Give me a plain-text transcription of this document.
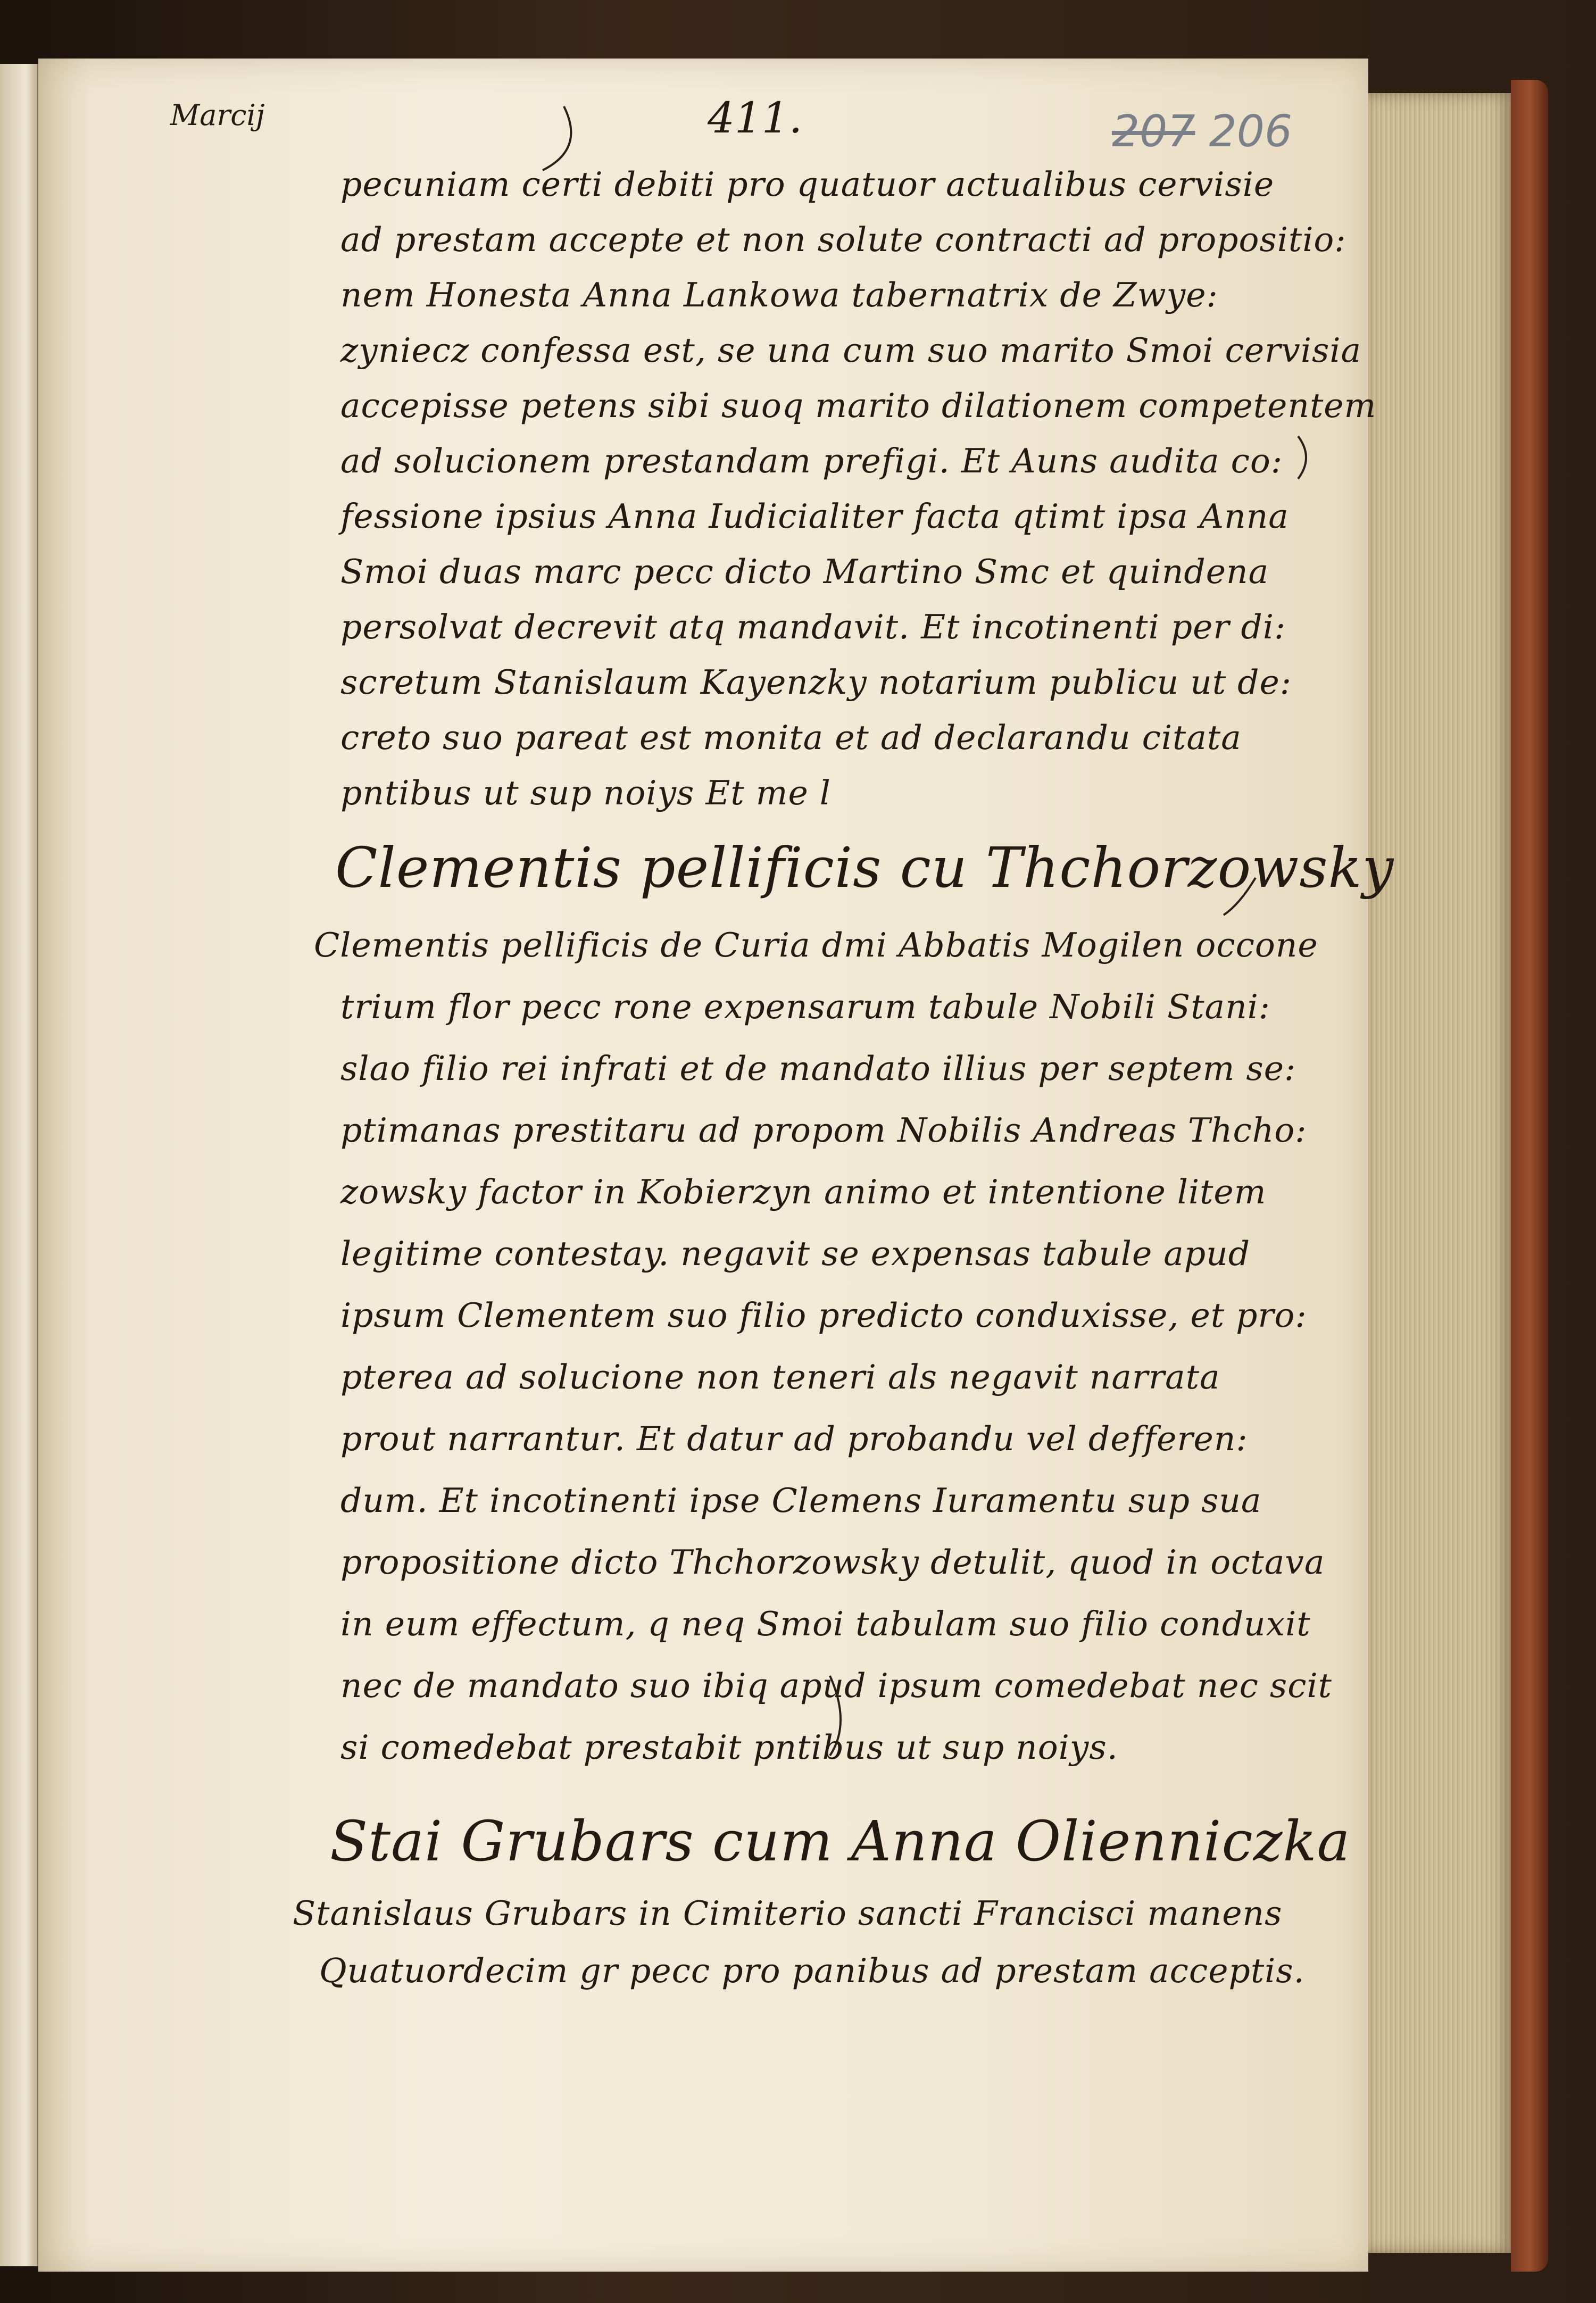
Marcij	411.	207 206
pecuniam certi debiti pro quatuor actualibus cervisie
ad prestam accepte et non solute contracti ad propositio:
nem Honesta Anna Lankowa tabernatrix de Zwye:
zyniecz confessa est, se una cum suo marito Smoi cervisia
accepisse petens sibi suoq marito dilationem competentem
ad solucionem prestandam prefigi. Et Auns audita co:
fessione ipsius Anna Iudicialiter facta qtimt ipsa Anna
Smoi duas marc pecc dicto Martino Smc et quindena
persolvat decrevit atq mandavit. Et incotinenti per di:
scretum Stanislaum Kayenzky notarium publicu ut de:
creto suo pareat est monita et ad declarandu citata
pntibus ut sup noiys Et me l
Clementis pellificis cu Thchorzowsky
Clementis pellificis de Curia dmi Abbatis Mogilen occone
trium flor pecc rone expensarum tabule Nobili Stani:
slao filio rei infrati et de mandato illius per septem se:
ptimanas prestitaru ad propom Nobilis Andreas Thcho:
zowsky factor in Kobierzyn animo et intentione litem
legitime contestay. negavit se expensas tabule apud
ipsum Clementem suo filio predicto conduxisse, et pro:
pterea ad solucione non teneri als negavit narrata
prout narrantur. Et datur ad probandu vel defferen:
dum. Et incotinenti ipse Clemens Iuramentu sup sua
propositione dicto Thchorzowsky detulit, quod in octava
in eum effectum, q neq Smoi tabulam suo filio conduxit
nec de mandato suo ibiq apud ipsum comedebat nec scit
si comedebat prestabit pntibus ut sup noiys.
Stai Grubars cum Anna Olienniczka
Stanislaus Grubars in Cimiterio sancti Francisci manens
Quatuordecim gr pecc pro panibus ad prestam acceptis.
